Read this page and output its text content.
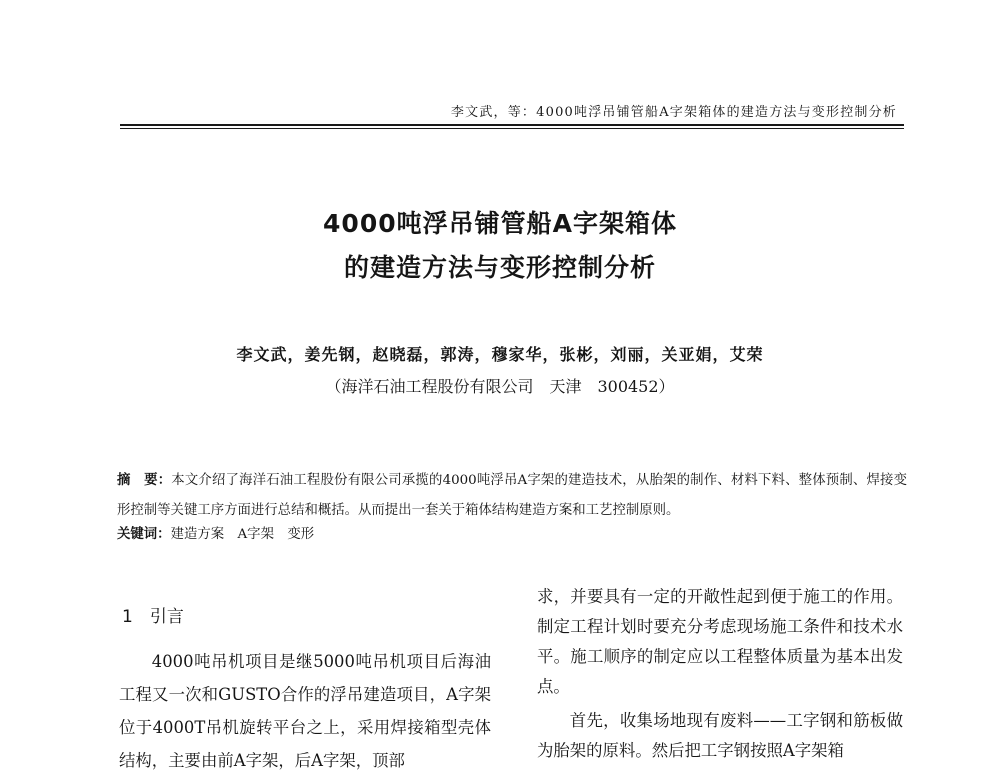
李文武，等：4000吨浮吊铺管船A字架箱体的建造方法与变形控制分析
4000吨浮吊铺管船A字架箱体
的建造方法与变形控制分析
李文武，姜先钢，赵晓磊，郭涛，穆家华，张彬，刘丽，关亚娟，艾荣
（海洋石油工程股份有限公司　天津　300452）
摘　要：本文介绍了海洋石油工程股份有限公司承揽的4000吨浮吊A字架的建造技术，从胎架的制作、材料下料、整体预制、焊接变形控制等关键工序方面进行总结和概括。从而提出一套关于箱体结构建造方案和工艺控制原则。
关键词：建造方案　A字架　变形
1　 引言
4000吨吊机项目是继5000吨吊机项目后海油工程又一次和GUSTO合作的浮吊建造项目，A字架位于4000T吊机旋转平台之上，采用焊接箱型壳体结构，主要由前A字架，后A字架，顶部

求，并要具有一定的开敞性起到便于施工的作用。制定工程计划时要充分考虑现场施工条件和技术水平。施工顺序的制定应以工程整体质量为基本出发点。

首先，收集场地现有废料——工字钢和筋板做为胎架的原料。然后把工字钢按照A字架箱
